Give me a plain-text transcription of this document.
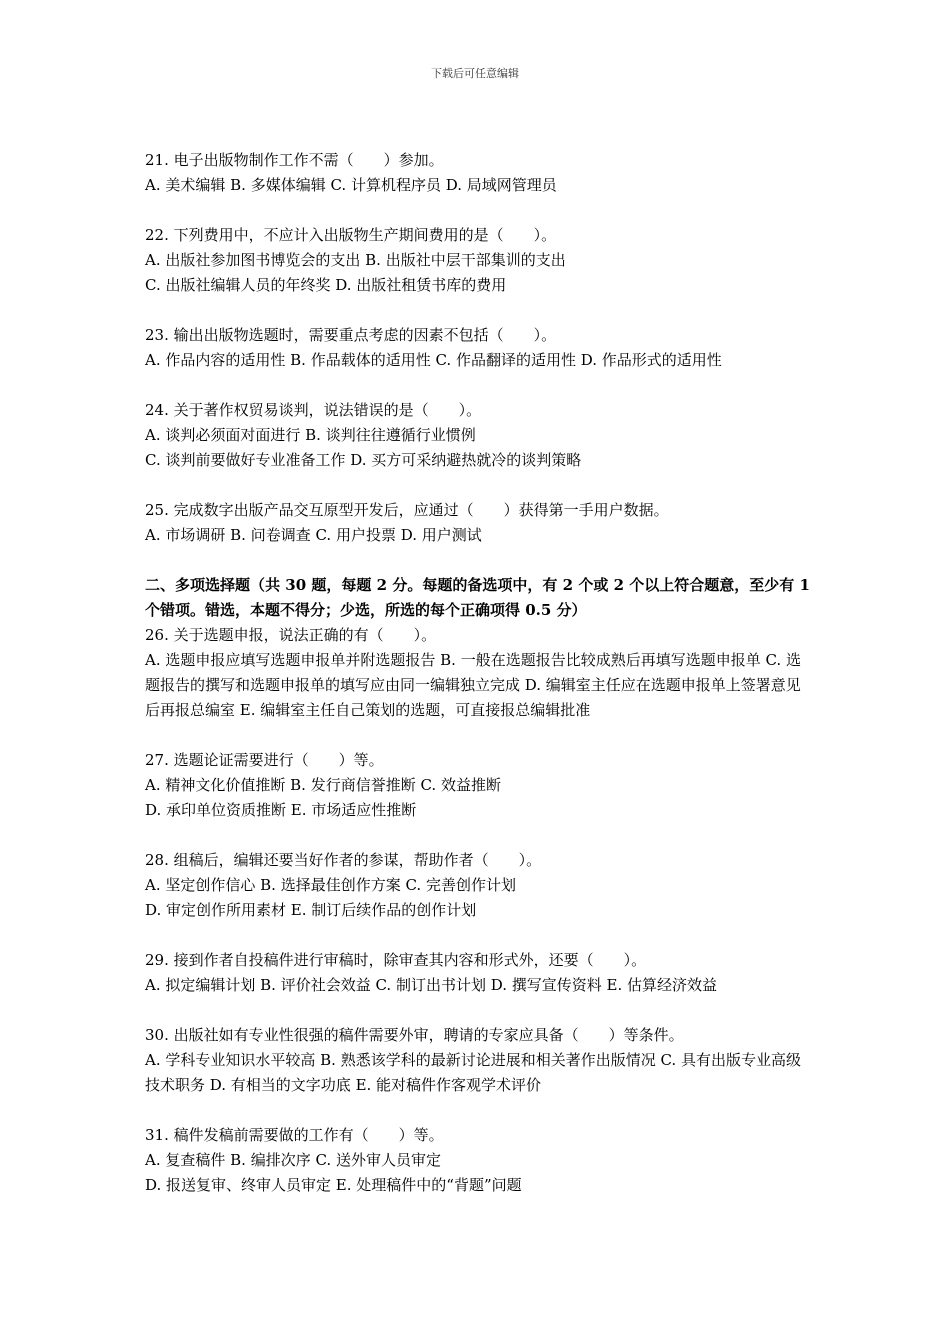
下载后可任意编辑

21. 电子出版物制作工作不需（　　）参加。

A. 美术编辑 B. 多媒体编辑 C. 计算机程序员 D. 局域网管理员

22. 下列费用中，不应计入出版物生产期间费用的是（　　）。

A. 出版社参加图书博览会的支出 B. 出版社中层干部集训的支出

C. 出版社编辑人员的年终奖 D. 出版社租赁书库的费用

23. 输出出版物选题时，需要重点考虑的因素不包括（　　）。

A. 作品内容的适用性 B. 作品载体的适用性 C. 作品翻译的适用性 D. 作品形式的适用性

24. 关于著作权贸易谈判，说法错误的是（　　）。

A. 谈判必须面对面进行 B. 谈判往往遵循行业惯例

C. 谈判前要做好专业准备工作 D. 买方可采纳避热就冷的谈判策略

25. 完成数字出版产品交互原型开发后，应通过（　　）获得第一手用户数据。

A. 市场调研 B. 问卷调查 C. 用户投票 D. 用户测试

二、多项选择题（共 30 题，每题 2 分。每题的备选项中，有 2 个或 2 个以上符合题意，至少有 1 个错项。错选，本题不得分；少选，所选的每个正确项得 0.5 分）

26. 关于选题申报，说法正确的有（　　）。

A. 选题申报应填写选题申报单并附选题报告 B. 一般在选题报告比较成熟后再填写选题申报单 C. 选题报告的撰写和选题申报单的填写应由同一编辑独立完成 D. 编辑室主任应在选题申报单上签署意见后再报总编室 E. 编辑室主任自己策划的选题，可直接报总编辑批准

27. 选题论证需要进行（　　）等。

A. 精神文化价值推断 B. 发行商信誉推断 C. 效益推断

D. 承印单位资质推断 E. 市场适应性推断

28. 组稿后，编辑还要当好作者的参谋，帮助作者（　　）。

A. 坚定创作信心 B. 选择最佳创作方案 C. 完善创作计划

D. 审定创作所用素材 E. 制订后续作品的创作计划

29. 接到作者自投稿件进行审稿时，除审查其内容和形式外，还要（　　）。

A. 拟定编辑计划 B. 评价社会效益 C. 制订出书计划 D. 撰写宣传资料 E. 估算经济效益

30. 出版社如有专业性很强的稿件需要外审，聘请的专家应具备（　　）等条件。

A. 学科专业知识水平较高 B. 熟悉该学科的最新讨论进展和相关著作出版情况 C. 具有出版专业高级技术职务 D. 有相当的文字功底 E. 能对稿件作客观学术评价

31. 稿件发稿前需要做的工作有（　　）等。

A. 复查稿件 B. 编排次序 C. 送外审人员审定

D. 报送复审、终审人员审定 E. 处理稿件中的“背题”问题
